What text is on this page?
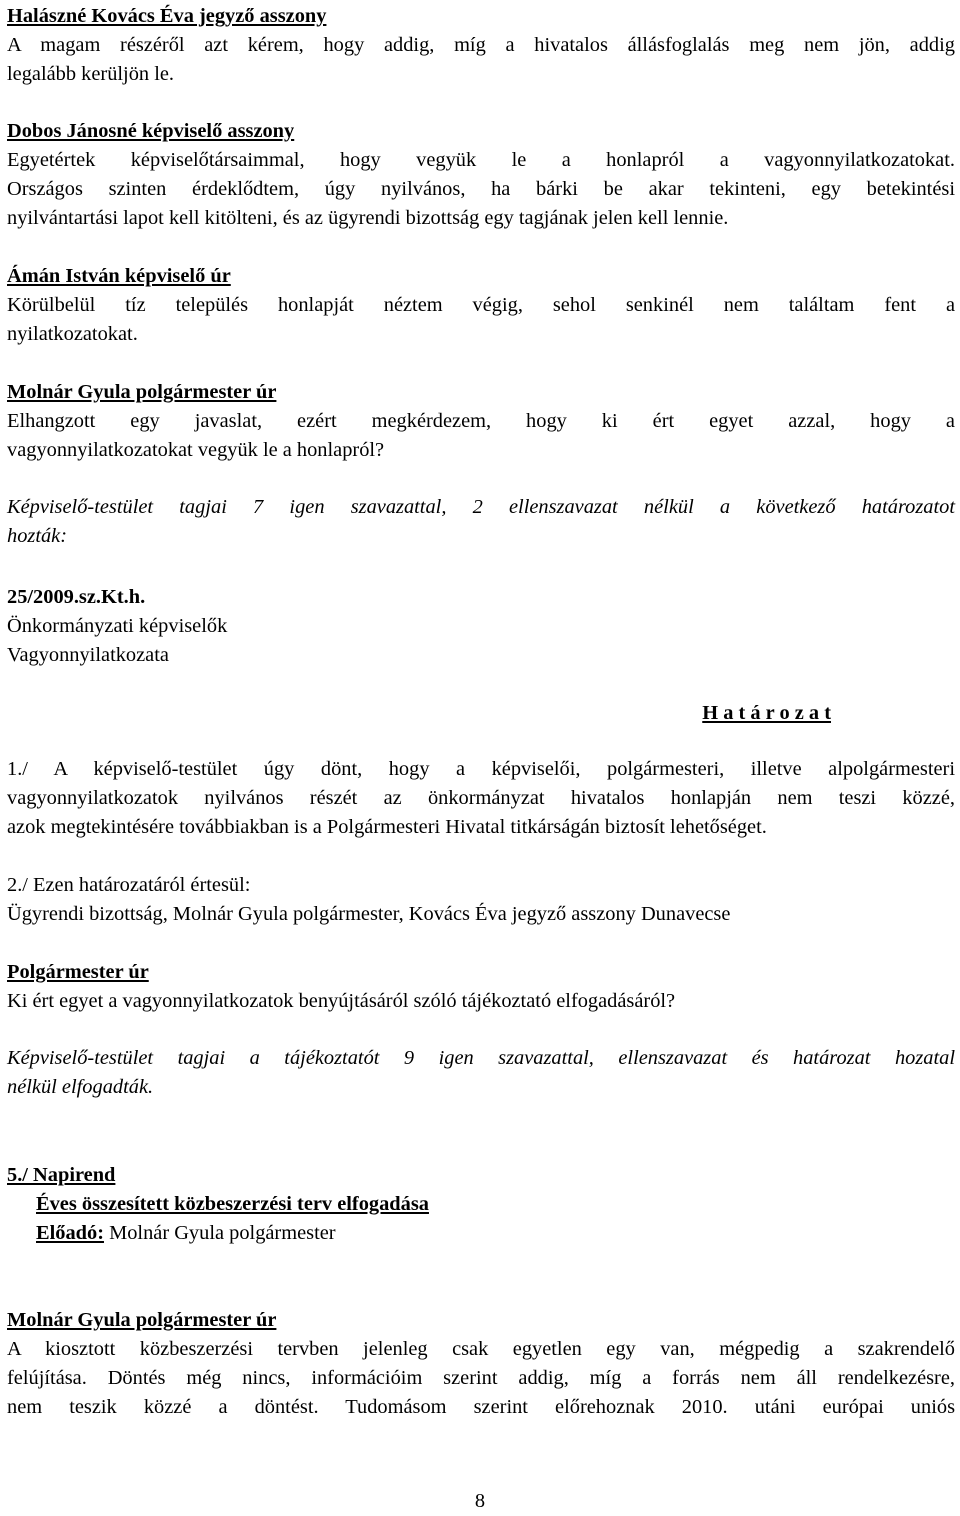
Halászné Kovács Éva jegyző asszony

A magam részéről azt kérem, hogy addig, míg a hivatalos állásfoglalás meg nem jön, addig

legalább kerüljön le.

Dobos Jánosné képviselő asszony

Egyetértek képviselőtársaimmal, hogy vegyük le a honlapról a vagyonnyilatkozatokat.

Országos szinten érdeklődtem, úgy nyilvános, ha bárki be akar tekinteni, egy betekintési

nyilvántartási lapot kell kitölteni, és az ügyrendi bizottság egy tagjának jelen kell lennie.

Ámán István képviselő úr

Körülbelül tíz település honlapját néztem végig, sehol senkinél nem találtam fent a

nyilatkozatokat.

Molnár Gyula polgármester úr

Elhangzott egy javaslat, ezért megkérdezem, hogy ki ért egyet azzal, hogy a

vagyonnyilatkozatokat vegyük le a honlapról?

Képviselő-testület tagjai 7 igen szavazattal, 2 ellenszavazat nélkül a következő határozatot

hozták:

25/2009.sz.Kt.h.

Önkormányzati képviselők

Vagyonnyilatkozata

H a t á r o z a t

1./ A képviselő-testület úgy dönt, hogy a képviselői, polgármesteri, illetve alpolgármesteri

vagyonnyilatkozatok nyilvános részét az önkormányzat hivatalos honlapján nem teszi közzé,

azok megtekintésére továbbiakban is a Polgármesteri Hivatal titkárságán biztosít lehetőséget.

2./ Ezen határozatáról értesül:

Ügyrendi bizottság, Molnár Gyula polgármester, Kovács Éva jegyző asszony Dunavecse

Polgármester úr

Ki ért egyet a vagyonnyilatkozatok benyújtásáról szóló tájékoztató elfogadásáról?

Képviselő-testület tagjai a tájékoztatót 9 igen szavazattal, ellenszavazat és határozat hozatal

nélkül elfogadták.

5./ Napirend

Éves összesített közbeszerzési terv elfogadása

Előadó: Molnár Gyula polgármester

Molnár Gyula polgármester úr

A kiosztott közbeszerzési tervben jelenleg csak egyetlen egy van, mégpedig a szakrendelő

felújítása. Döntés még nincs, információim szerint addig, míg a forrás nem áll rendelkezésre,

nem teszik közzé a döntést. Tudomásom szerint előrehoznak 2010. utáni európai uniós

8
